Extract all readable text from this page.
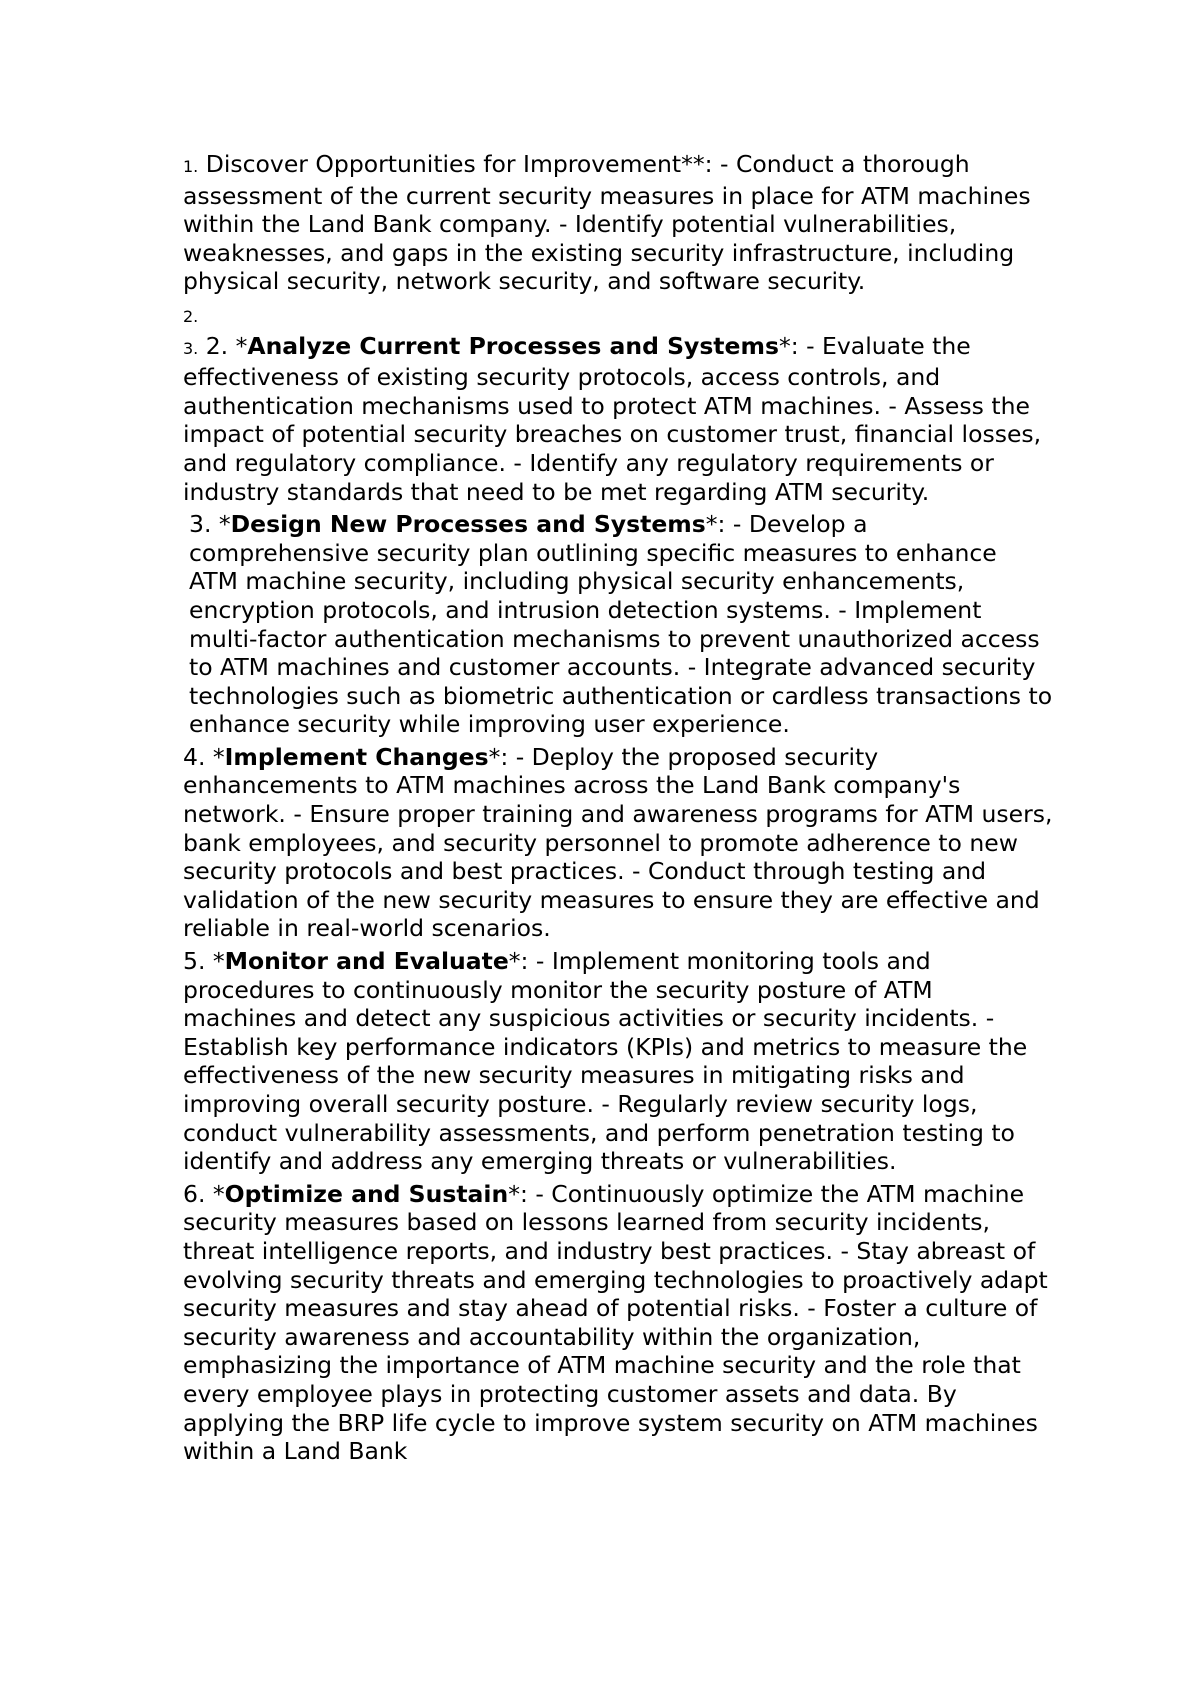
1. Discover Opportunities for Improvement**: - Conduct a thorough assessment of the current security measures in place for ATM machines within the Land Bank company. - Identify potential vulnerabilities, weaknesses, and gaps in the existing security infrastructure, including physical security, network security, and software security.

2.

3. 2. *Analyze Current Processes and Systems*: - Evaluate the effectiveness of existing security protocols, access controls, and authentication mechanisms used to protect ATM machines. - Assess the impact of potential security breaches on customer trust, financial losses, and regulatory compliance. - Identify any regulatory requirements or industry standards that need to be met regarding ATM security.

3. *Design New Processes and Systems*: - Develop a comprehensive security plan outlining specific measures to enhance ATM machine security, including physical security enhancements, encryption protocols, and intrusion detection systems. - Implement multi-factor authentication mechanisms to prevent unauthorized access to ATM machines and customer accounts. - Integrate advanced security technologies such as biometric authentication or cardless transactions to enhance security while improving user experience.

4. *Implement Changes*: - Deploy the proposed security enhancements to ATM machines across the Land Bank company's network. - Ensure proper training and awareness programs for ATM users, bank employees, and security personnel to promote adherence to new security protocols and best practices. - Conduct through testing and validation of the new security measures to ensure they are effective and reliable in real-world scenarios.

5. *Monitor and Evaluate*: - Implement monitoring tools and procedures to continuously monitor the security posture of ATM machines and detect any suspicious activities or security incidents. - Establish key performance indicators (KPIs) and metrics to measure the effectiveness of the new security measures in mitigating risks and improving overall security posture. - Regularly review security logs, conduct vulnerability assessments, and perform penetration testing to identify and address any emerging threats or vulnerabilities.

6. *Optimize and Sustain*: - Continuously optimize the ATM machine security measures based on lessons learned from security incidents, threat intelligence reports, and industry best practices. - Stay abreast of evolving security threats and emerging technologies to proactively adapt security measures and stay ahead of potential risks. - Foster a culture of security awareness and accountability within the organization, emphasizing the importance of ATM machine security and the role that every employee plays in protecting customer assets and data. By applying the BRP life cycle to improve system security on ATM machines within a Land Bank
